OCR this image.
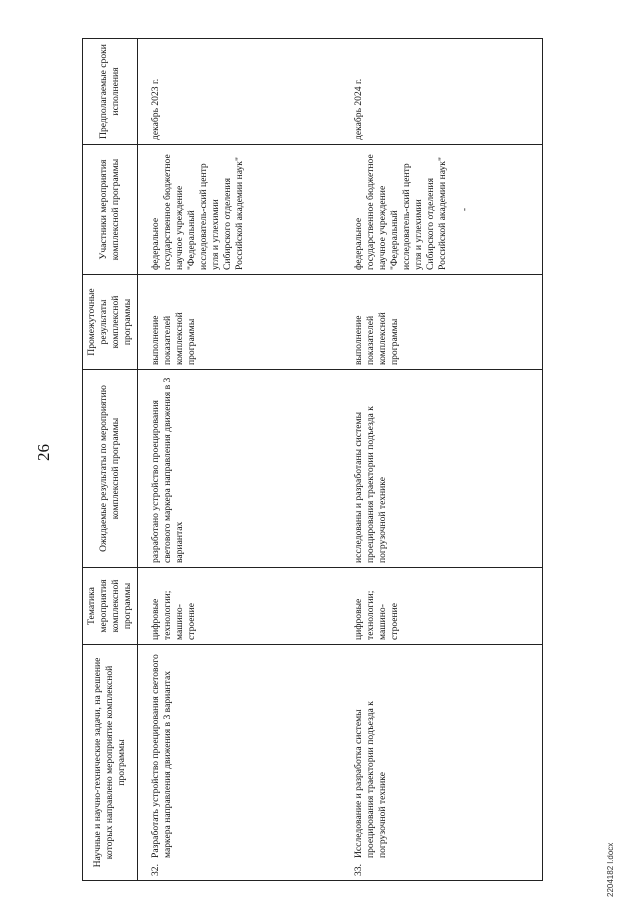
26
Научные и научно-технические задачи, на решение которых направлено мероприятие комплексной программы	Тематика мероприятия комплексной программы	Ожидаемые результаты по мероприятию комплексной программы	Промежуточные результаты комплексной программы	Участники мероприятия комплексной программы	Предполагаемые сроки исполнения

32.
Разработать устройство проецирования светового маркера направления движения в 3 вариантах	цифровые технологии; машино-строение	разработано устройство проецирования светового маркера направления движения в 3 вариантах	выполнение показателей комплексной программы	федеральное государственное бюджетное научное учреждение "Федеральный исследователь-ский центр угля и углехимии Сибирского отделения Российской академии наук"	декабрь 2023 г.

33.
Исследование и разработка системы проецирования траектории подъезда к погрузочной технике	цифровые технологии; машино-строение	исследованы и разработаны системы проецирования траектории подъезда к погрузочной технике	выполнение показателей комплексной программы	федеральное государственное бюджетное научное учреждение "Федеральный исследователь-ский центр угля и углехимии Сибирского отделения Российской академии наук" -	декабрь 2024 г.
2204182 l.docx
